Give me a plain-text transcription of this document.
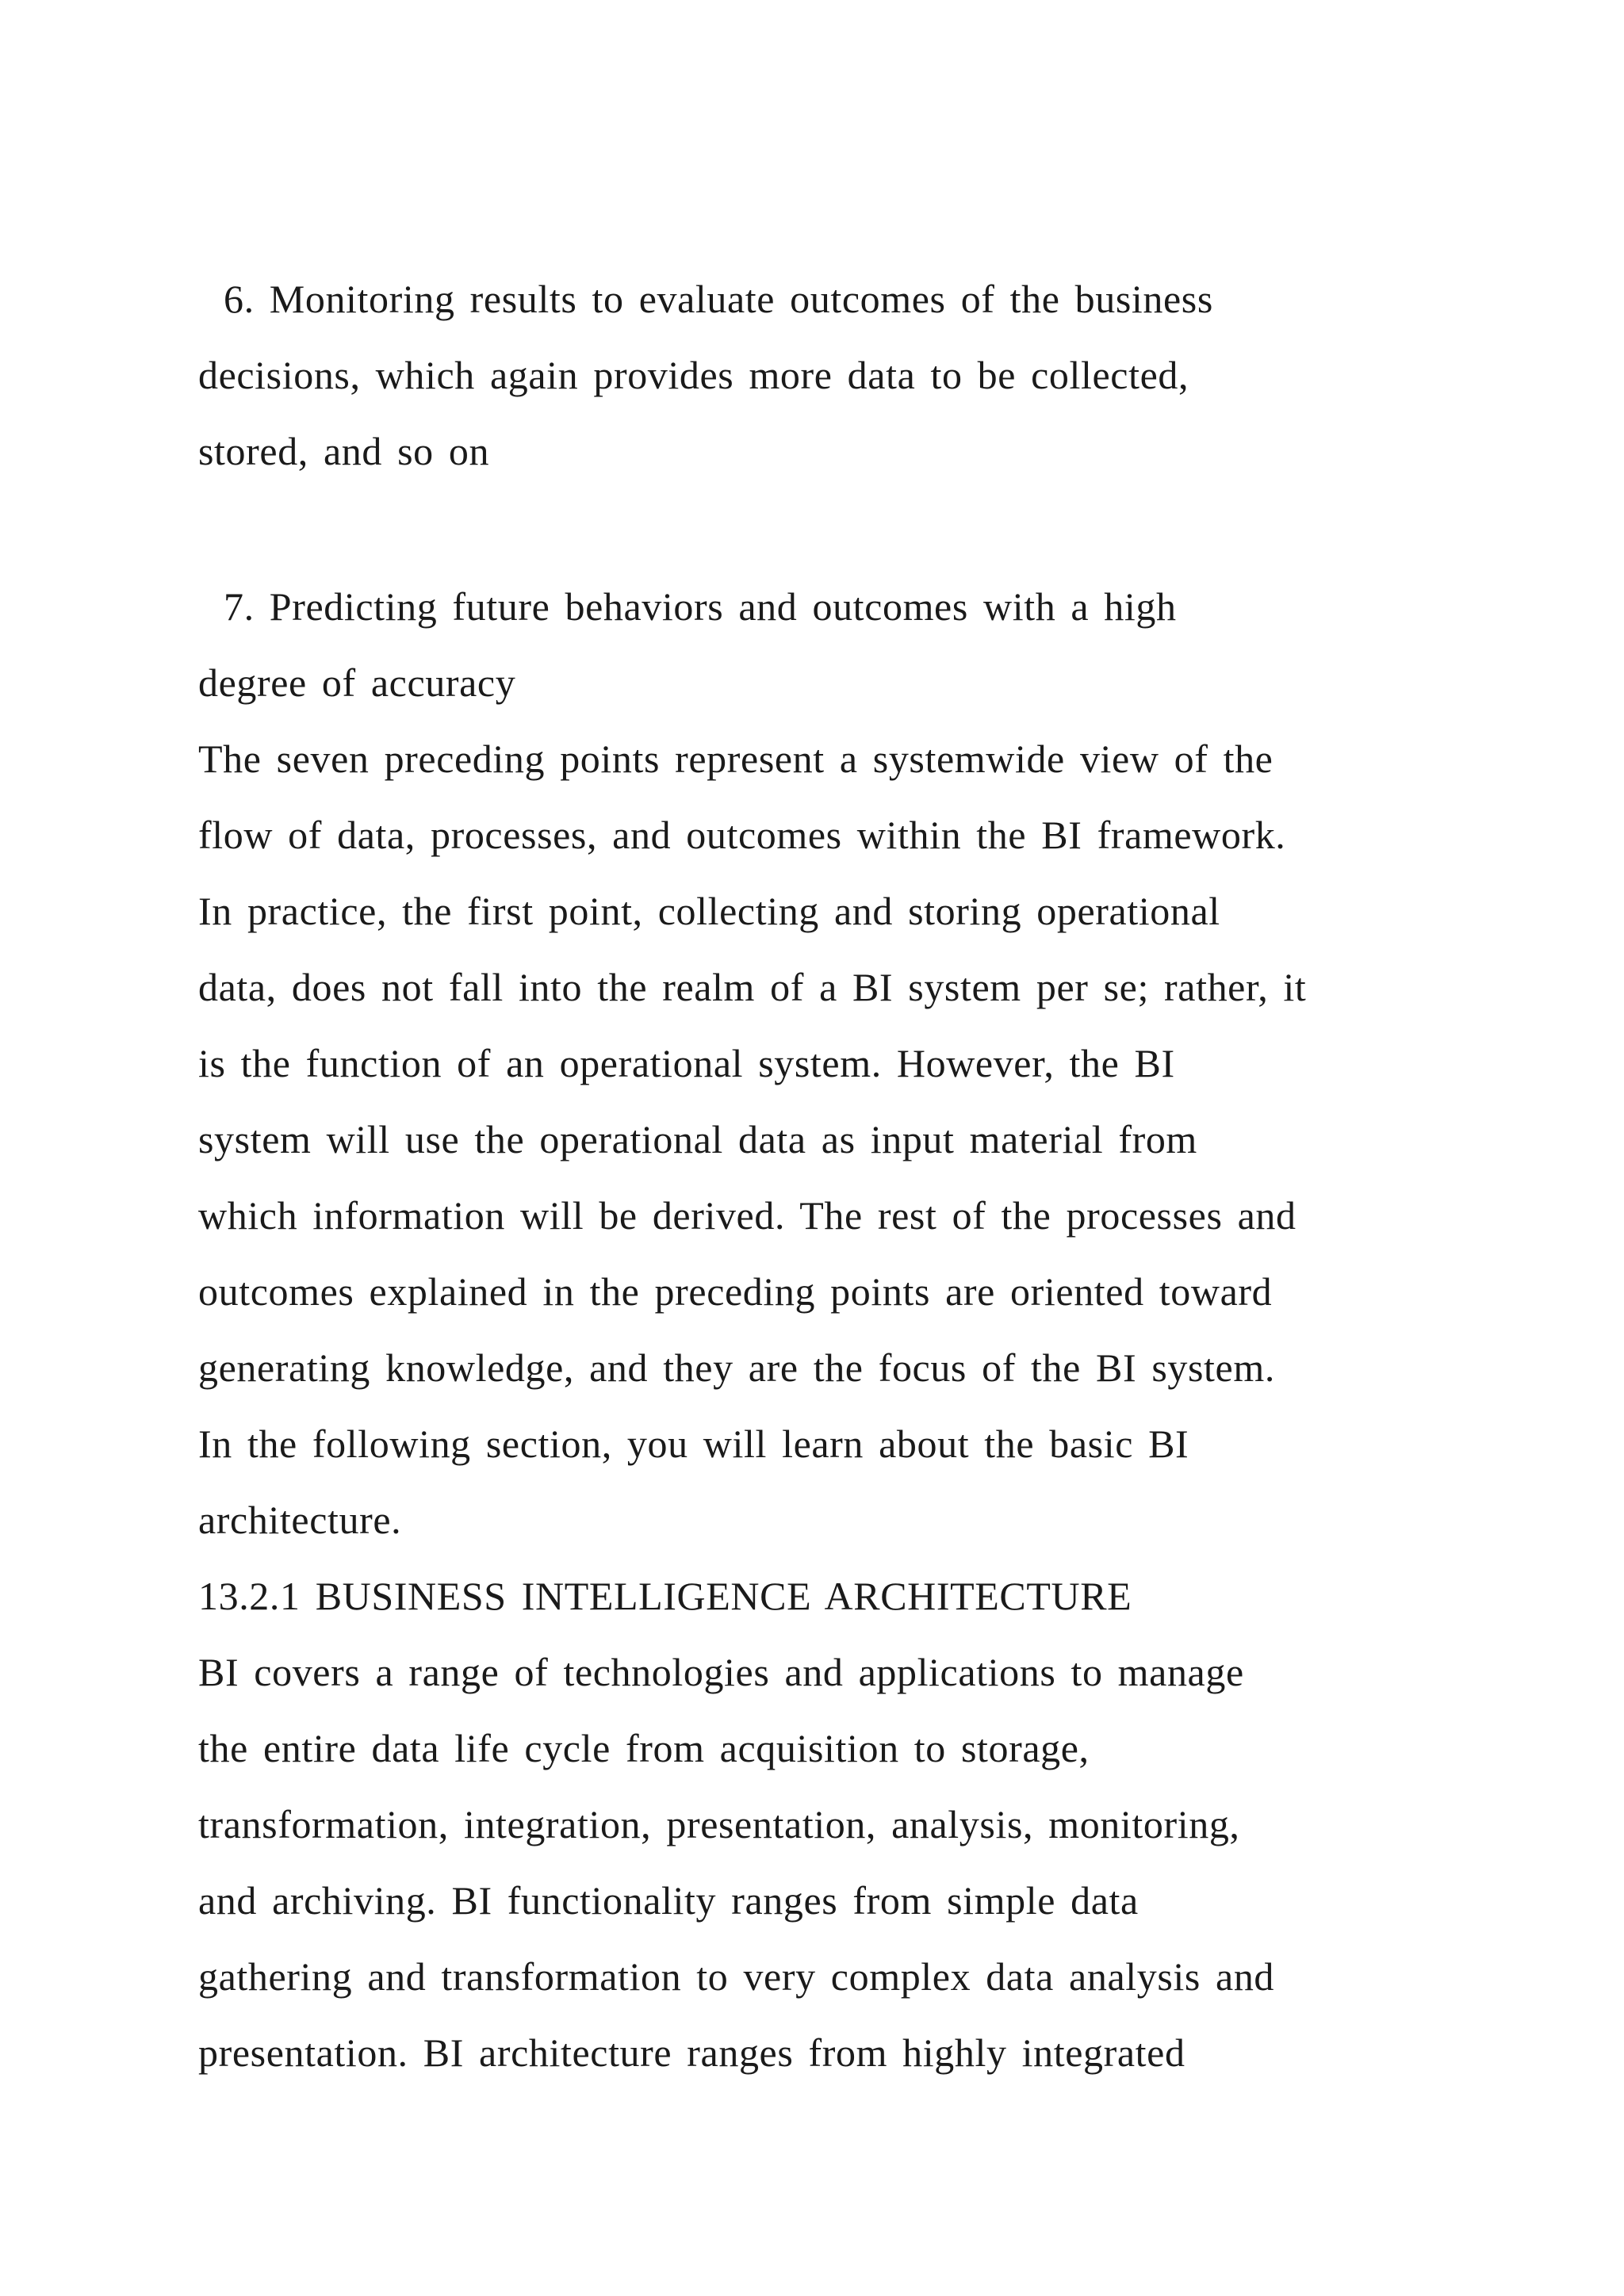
6. Monitoring results to evaluate outcomes of the business

decisions, which again provides more data to be collected,

stored, and so on

7. Predicting future behaviors and outcomes with a high

degree of accuracy

The seven preceding points represent a systemwide view of the

flow of data, processes, and outcomes within the BI framework.

In practice, the first point, collecting and storing operational

data, does not fall into the realm of a BI system per se; rather, it

is the function of an operational system. However, the BI

system will use the operational data as input material from

which information will be derived. The rest of the processes and

outcomes explained in the preceding points are oriented toward

generating knowledge, and they are the focus of the BI system.

In the following section, you will learn about the basic BI

architecture.

13.2.1 BUSINESS INTELLIGENCE ARCHITECTURE

BI covers a range of technologies and applications to manage

the entire data life cycle from acquisition to storage,

transformation, integration, presentation, analysis, monitoring,

and archiving. BI functionality ranges from simple data

gathering and transformation to very complex data analysis and

presentation. BI architecture ranges from highly integrated
